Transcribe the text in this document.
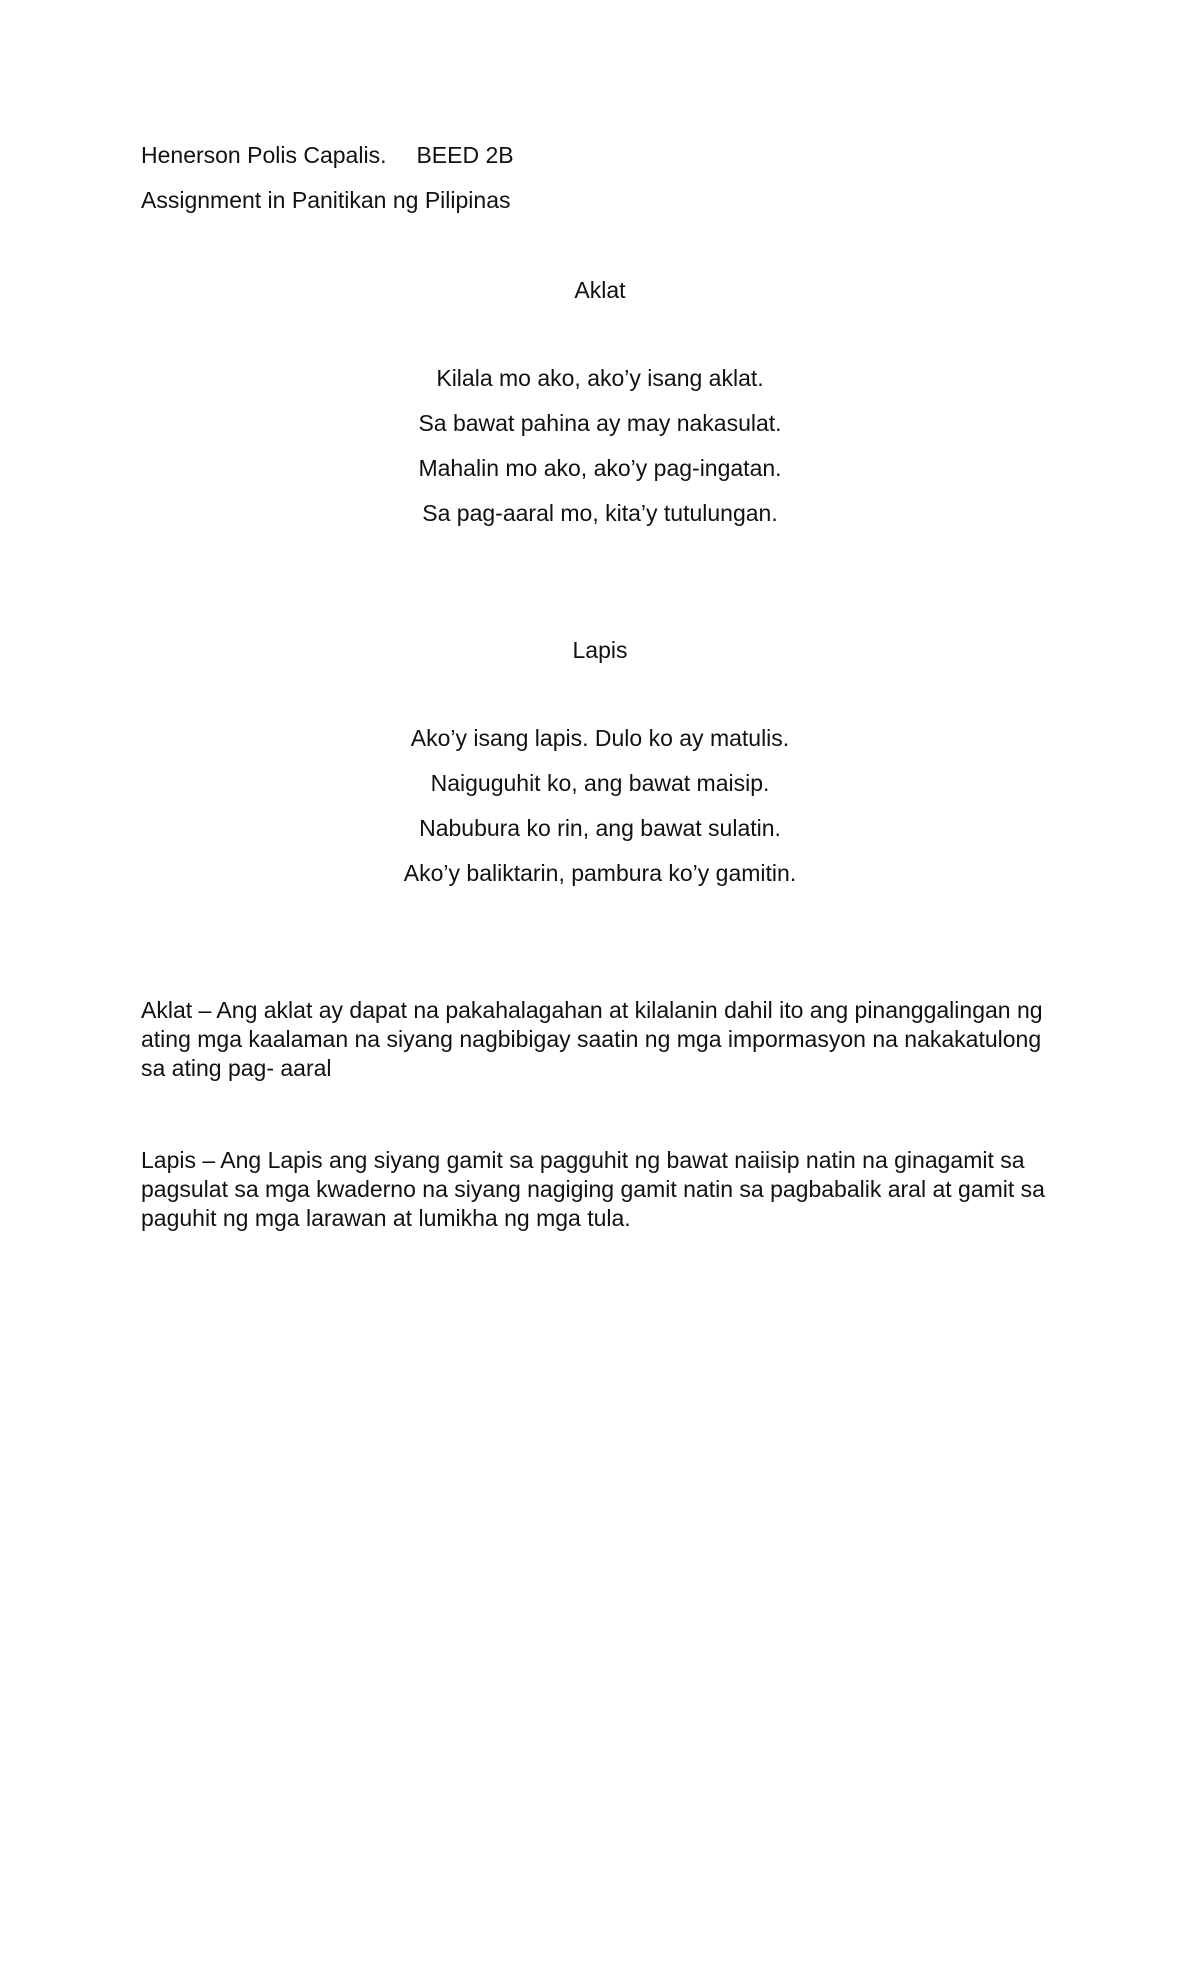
Henerson Polis Capalis. BEED 2B
Assignment in Panitikan ng Pilipinas
Aklat
Kilala mo ako, ako’y isang aklat.
Sa bawat pahina ay may nakasulat.
Mahalin mo ako, ako’y pag-ingatan.
Sa pag-aaral mo, kita’y tutulungan.
Lapis
Ako’y isang lapis. Dulo ko ay matulis.
Naiguguhit ko, ang bawat maisip.
Nabubura ko rin, ang bawat sulatin.
Ako’y baliktarin, pambura ko’y gamitin.
Aklat – Ang aklat ay dapat na pakahalagahan at kilalanin dahil ito ang pinanggalingan ng ating mga kaalaman na siyang nagbibigay saatin ng mga impormasyon na nakakatulong sa ating pag- aaral
Lapis – Ang Lapis ang siyang gamit sa pagguhit ng bawat naiisip natin na ginagamit sa pagsulat sa mga kwaderno na siyang nagiging gamit natin sa pagbabalik aral at gamit sa paguhit ng mga larawan at lumikha ng mga tula.
